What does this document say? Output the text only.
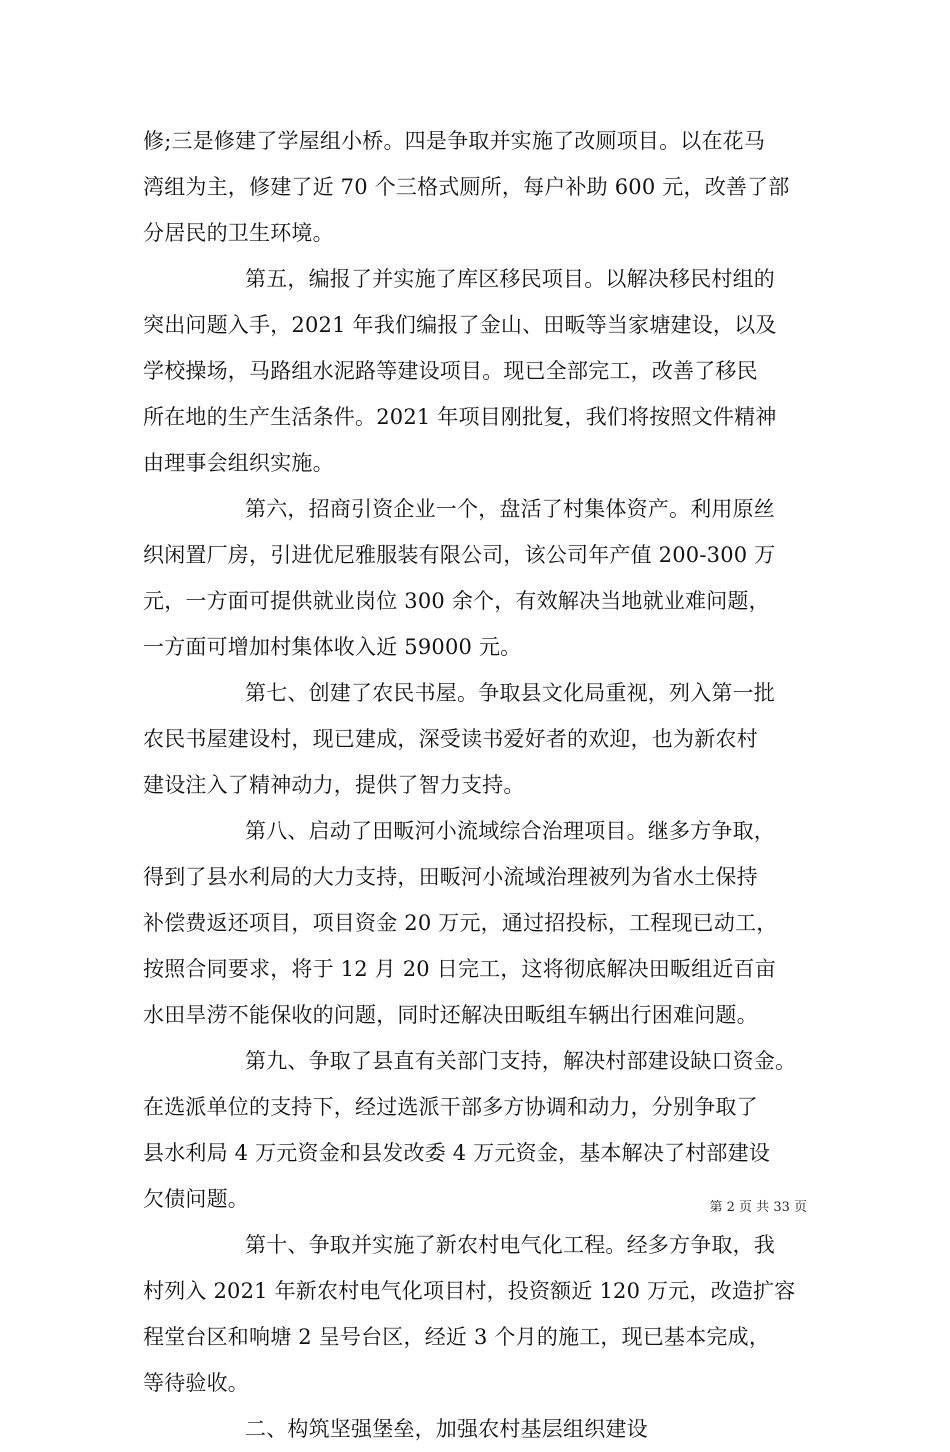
修;三是修建了学屋组小桥。四是争取并实施了改厕项目。以在花马
湾组为主，修建了近 70 个三格式厕所，每户补助 600 元，改善了部
分居民的卫生环境。
第五，编报了并实施了库区移民项目。以解决移民村组的
突出问题入手，2021 年我们编报了金山、田畈等当家塘建设，以及
学校操场，马路组水泥路等建设项目。现已全部完工，改善了移民
所在地的生产生活条件。2021 年项目刚批复，我们将按照文件精神
由理事会组织实施。
第六，招商引资企业一个，盘活了村集体资产。利用原丝
织闲置厂房，引进优尼雅服装有限公司，该公司年产值 200-300 万
元，一方面可提供就业岗位 300 余个，有效解决当地就业难问题，
一方面可增加村集体收入近 59000 元。
第七、创建了农民书屋。争取县文化局重视，列入第一批
农民书屋建设村，现已建成，深受读书爱好者的欢迎，也为新农村
建设注入了精神动力，提供了智力支持。
第八、启动了田畈河小流域综合治理项目。继多方争取，
得到了县水利局的大力支持，田畈河小流域治理被列为省水土保持
补偿费返还项目，项目资金 20 万元，通过招投标，工程现已动工，
按照合同要求，将于 12 月 20 日完工，这将彻底解决田畈组近百亩
水田旱涝不能保收的问题，同时还解决田畈组车辆出行困难问题。
第九、争取了县直有关部门支持，解决村部建设缺口资金。
在选派单位的支持下，经过选派干部多方协调和动力，分别争取了
县水利局 4 万元资金和县发改委 4 万元资金，基本解决了村部建设
欠债问题。
第十、争取并实施了新农村电气化工程。经多方争取，我
村列入 2021 年新农村电气化项目村，投资额近 120 万元，改造扩容
程堂台区和响塘 2 呈号台区，经近 3 个月的施工，现已基本完成，
等待验收。
二、构筑坚强堡垒，加强农村基层组织建设
第 2 页 共 33 页
